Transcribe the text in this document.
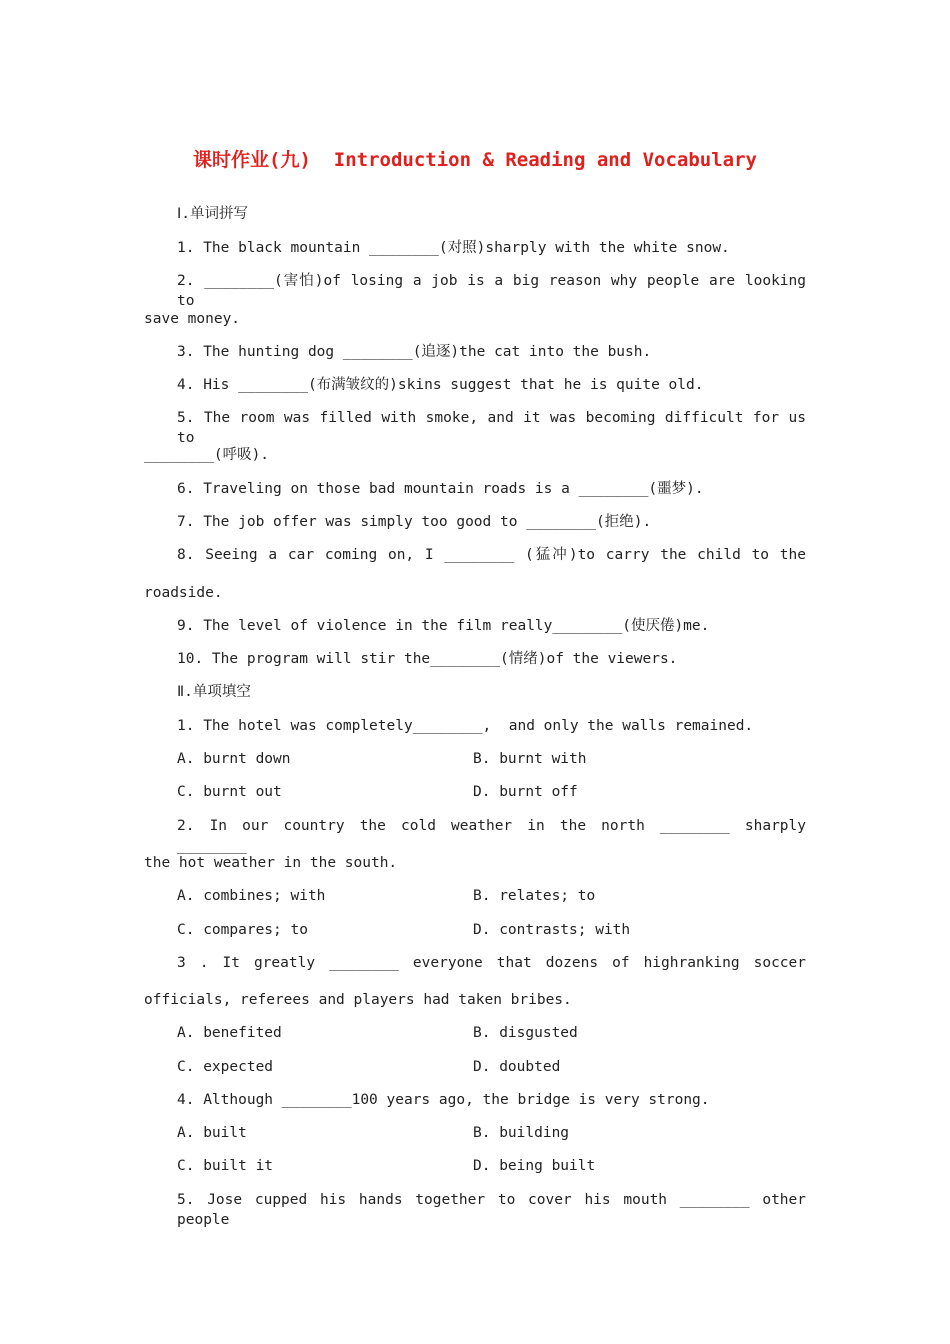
课时作业(九)  Introduction & Reading and Vocabulary
Ⅰ.单词拼写
1. The black mountain ________(对照)sharply with the white snow.
2. ________(害怕)of losing a job is a big reason why people are looking to
save money.
3. The hunting dog ________(追逐)the cat into the bush.
4. His ________(布满皱纹的)skins suggest that he is quite old.
5. The room was filled with smoke, and it was becoming difficult for us to
________(呼吸).
6. Traveling on those bad mountain roads is a ________(噩梦).
7. The job offer was simply too good to ________(拒绝).
8. Seeing a car coming on, I ________ (猛冲)to carry the child to the
roadside.
9. The level of violence in the film really________(使厌倦)me.
10. The program will stir the________(情绪)of the viewers.
Ⅱ.单项填空
1. The hotel was completely________,  and only the walls remained.
A. burnt down	B. burnt with
C. burnt out	D. burnt off
2. In our country the cold weather in the north ________ sharply ________
the hot weather in the south.
A. combines; with	B. relates; to
C. compares; to	D. contrasts; with
3 . It greatly ________ everyone that dozens of highranking soccer
officials, referees and players had taken bribes.
A. benefited	B. disgusted
C. expected	D. doubted
4. Although ________100 years ago, the bridge is very strong.
A. built	B. building
C. built it	D. being built
5. Jose cupped his hands together to cover his mouth ________ other people
